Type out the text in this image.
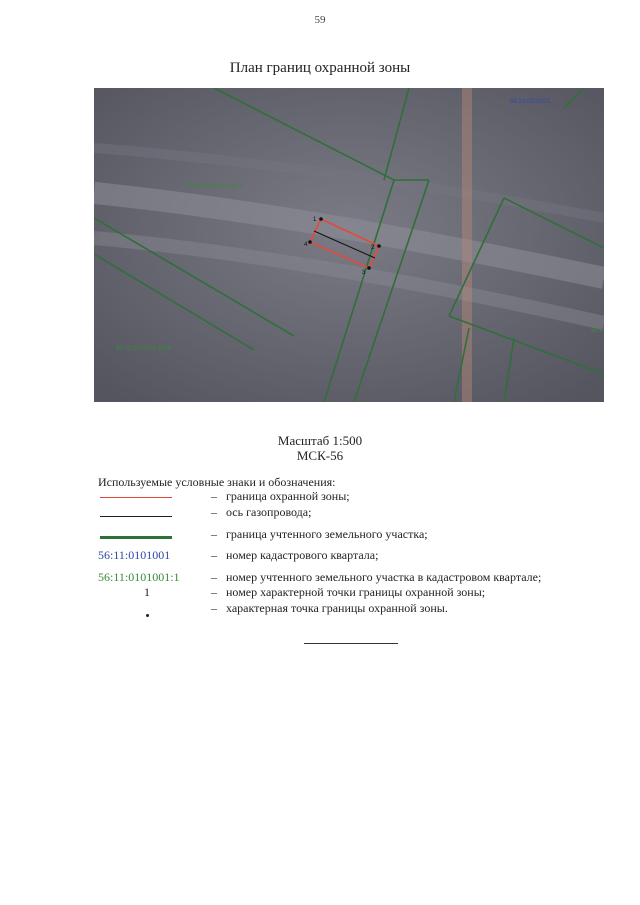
59
План границ охранной зоны
1
2
3
4
56:13:0501001
56:12:0501001:1072
56:12:0501001:1656
56:1
Масштаб 1:500
МСК-56
Используемые условные знаки и обозначения:
– граница охранной зоны;
– ось газопровода;
– граница учтенного земельного участка;
56:11:0101001	– номер кадастрового квартала;
56:11:0101001:1	– номер учтенного земельного участка в кадастровом квартале;
1	– номер характерной точки границы охранной зоны;
– характерная точка границы охранной зоны.
